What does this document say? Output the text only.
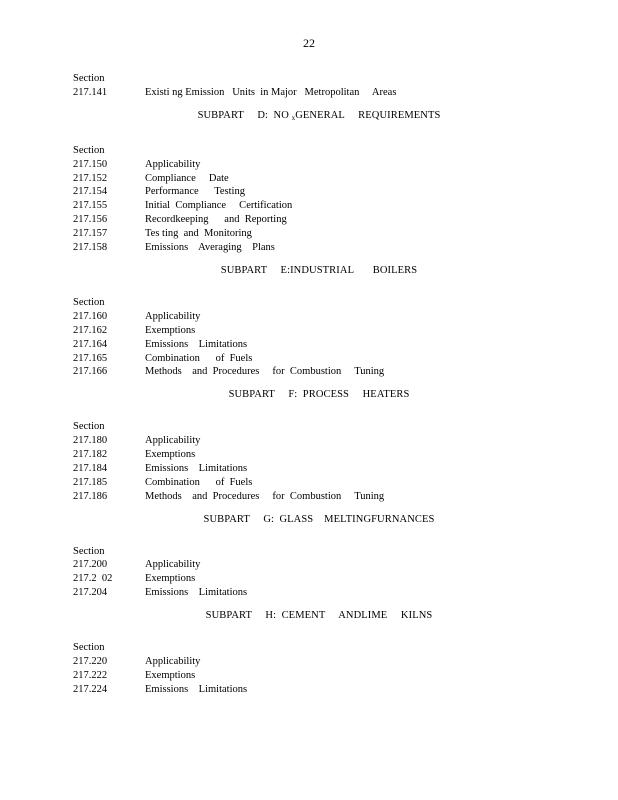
22
Section
217.141	Existi ng Emission   Units  in Major   Metropolitan     Areas
SUBPART     D:  NO $_x$GENERAL     REQUIREMENTS
Section
217.150	Applicability
217.152	Compliance     Date
217.154	Performance      Testing
217.155	Initial  Compliance     Certification
217.156	Recordkeeping      and  Reporting
217.157	Tes ting  and  Monitoring
217.158	Emissions    Averaging    Plans
SUBPART     E:INDUSTRIAL       BOILERS
Section
217.160	Applicability
217.162	Exemptions
217.164	Emissions    Limitations
217.165	Combination      of  Fuels
217.166	Methods    and  Procedures     for  Combustion     Tuning
SUBPART     F:  PROCESS     HEATERS
Section
217.180	Applicability
217.182	Exemptions
217.184	Emissions    Limitations
217.185	Combination      of  Fuels
217.186	Methods    and  Procedures     for  Combustion     Tuning
SUBPART     G:  GLASS    MELTINGFURNANCES
Section
217.200	Applicability
217.2  02	Exemptions
217.204	Emissions    Limitations
SUBPART     H:  CEMENT     ANDLIME     KILNS
Section
217.220	Applicability
217.222	Exemptions
217.224	Emissions    Limitations
